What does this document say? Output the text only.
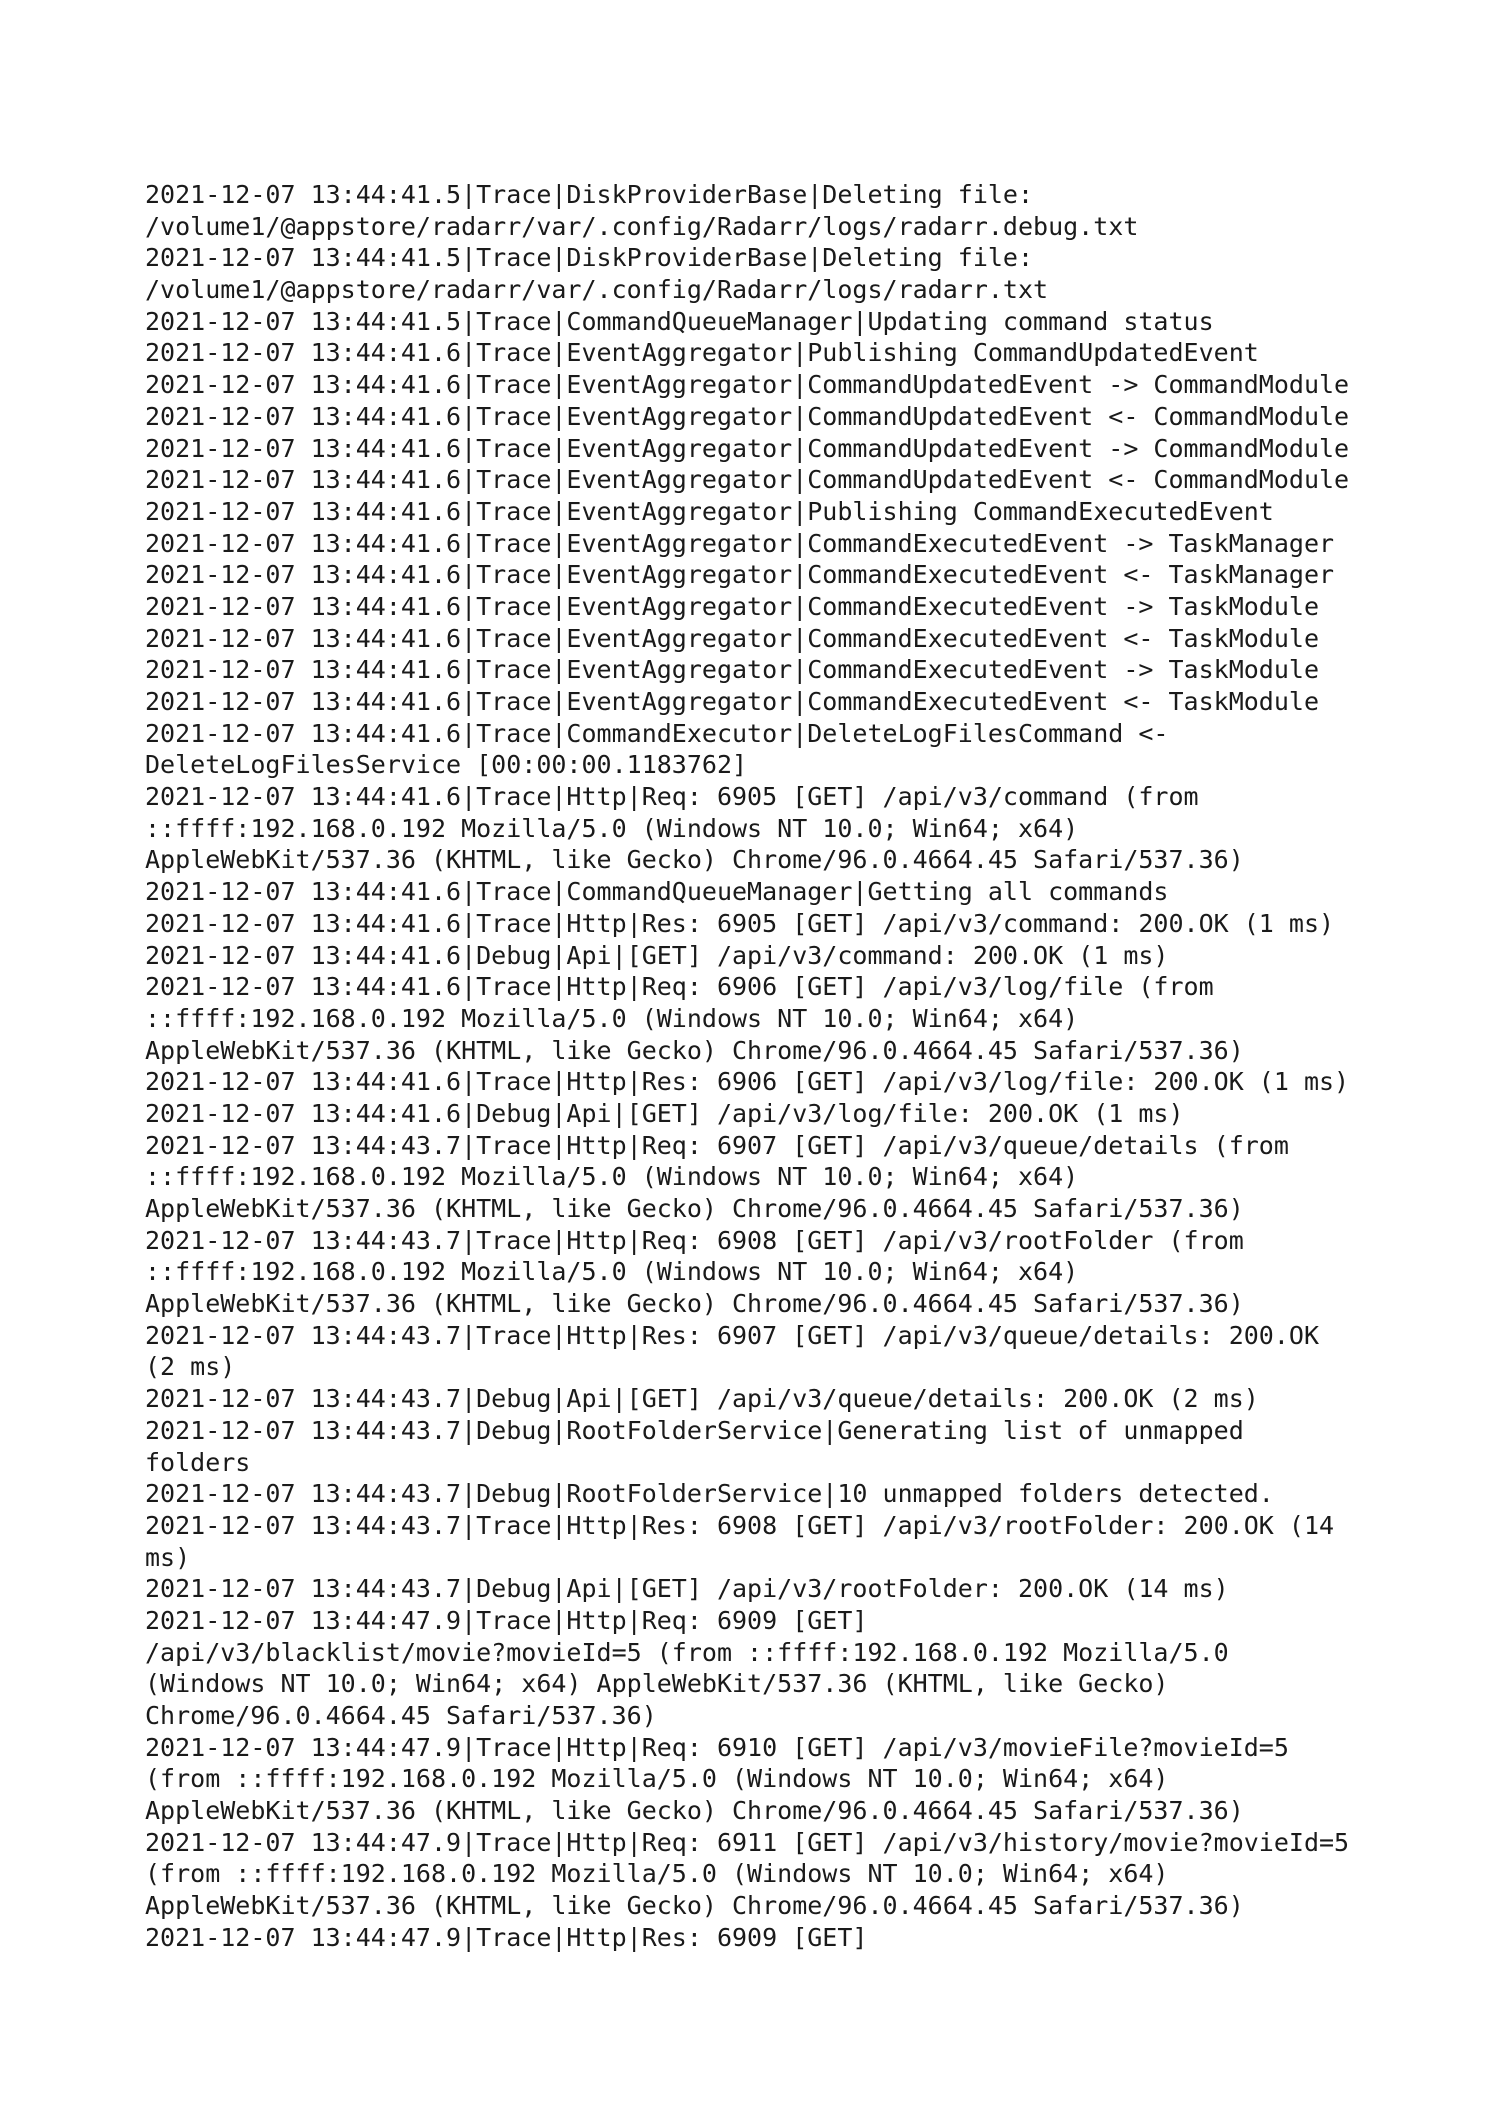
2021-12-07 13:44:41.5|Trace|DiskProviderBase|Deleting file:
/volume1/@appstore/radarr/var/.config/Radarr/logs/radarr.debug.txt
2021-12-07 13:44:41.5|Trace|DiskProviderBase|Deleting file:
/volume1/@appstore/radarr/var/.config/Radarr/logs/radarr.txt
2021-12-07 13:44:41.5|Trace|CommandQueueManager|Updating command status
2021-12-07 13:44:41.6|Trace|EventAggregator|Publishing CommandUpdatedEvent
2021-12-07 13:44:41.6|Trace|EventAggregator|CommandUpdatedEvent -> CommandModule
2021-12-07 13:44:41.6|Trace|EventAggregator|CommandUpdatedEvent <- CommandModule
2021-12-07 13:44:41.6|Trace|EventAggregator|CommandUpdatedEvent -> CommandModule
2021-12-07 13:44:41.6|Trace|EventAggregator|CommandUpdatedEvent <- CommandModule
2021-12-07 13:44:41.6|Trace|EventAggregator|Publishing CommandExecutedEvent
2021-12-07 13:44:41.6|Trace|EventAggregator|CommandExecutedEvent -> TaskManager
2021-12-07 13:44:41.6|Trace|EventAggregator|CommandExecutedEvent <- TaskManager
2021-12-07 13:44:41.6|Trace|EventAggregator|CommandExecutedEvent -> TaskModule
2021-12-07 13:44:41.6|Trace|EventAggregator|CommandExecutedEvent <- TaskModule
2021-12-07 13:44:41.6|Trace|EventAggregator|CommandExecutedEvent -> TaskModule
2021-12-07 13:44:41.6|Trace|EventAggregator|CommandExecutedEvent <- TaskModule
2021-12-07 13:44:41.6|Trace|CommandExecutor|DeleteLogFilesCommand <-
DeleteLogFilesService [00:00:00.1183762]
2021-12-07 13:44:41.6|Trace|Http|Req: 6905 [GET] /api/v3/command (from
::ffff:192.168.0.192 Mozilla/5.0 (Windows NT 10.0; Win64; x64)
AppleWebKit/537.36 (KHTML, like Gecko) Chrome/96.0.4664.45 Safari/537.36)
2021-12-07 13:44:41.6|Trace|CommandQueueManager|Getting all commands
2021-12-07 13:44:41.6|Trace|Http|Res: 6905 [GET] /api/v3/command: 200.OK (1 ms)
2021-12-07 13:44:41.6|Debug|Api|[GET] /api/v3/command: 200.OK (1 ms)
2021-12-07 13:44:41.6|Trace|Http|Req: 6906 [GET] /api/v3/log/file (from
::ffff:192.168.0.192 Mozilla/5.0 (Windows NT 10.0; Win64; x64)
AppleWebKit/537.36 (KHTML, like Gecko) Chrome/96.0.4664.45 Safari/537.36)
2021-12-07 13:44:41.6|Trace|Http|Res: 6906 [GET] /api/v3/log/file: 200.OK (1 ms)
2021-12-07 13:44:41.6|Debug|Api|[GET] /api/v3/log/file: 200.OK (1 ms)
2021-12-07 13:44:43.7|Trace|Http|Req: 6907 [GET] /api/v3/queue/details (from
::ffff:192.168.0.192 Mozilla/5.0 (Windows NT 10.0; Win64; x64)
AppleWebKit/537.36 (KHTML, like Gecko) Chrome/96.0.4664.45 Safari/537.36)
2021-12-07 13:44:43.7|Trace|Http|Req: 6908 [GET] /api/v3/rootFolder (from
::ffff:192.168.0.192 Mozilla/5.0 (Windows NT 10.0; Win64; x64)
AppleWebKit/537.36 (KHTML, like Gecko) Chrome/96.0.4664.45 Safari/537.36)
2021-12-07 13:44:43.7|Trace|Http|Res: 6907 [GET] /api/v3/queue/details: 200.OK
(2 ms)
2021-12-07 13:44:43.7|Debug|Api|[GET] /api/v3/queue/details: 200.OK (2 ms)
2021-12-07 13:44:43.7|Debug|RootFolderService|Generating list of unmapped
folders
2021-12-07 13:44:43.7|Debug|RootFolderService|10 unmapped folders detected.
2021-12-07 13:44:43.7|Trace|Http|Res: 6908 [GET] /api/v3/rootFolder: 200.OK (14
ms)
2021-12-07 13:44:43.7|Debug|Api|[GET] /api/v3/rootFolder: 200.OK (14 ms)
2021-12-07 13:44:47.9|Trace|Http|Req: 6909 [GET]
/api/v3/blacklist/movie?movieId=5 (from ::ffff:192.168.0.192 Mozilla/5.0
(Windows NT 10.0; Win64; x64) AppleWebKit/537.36 (KHTML, like Gecko)
Chrome/96.0.4664.45 Safari/537.36)
2021-12-07 13:44:47.9|Trace|Http|Req: 6910 [GET] /api/v3/movieFile?movieId=5
(from ::ffff:192.168.0.192 Mozilla/5.0 (Windows NT 10.0; Win64; x64)
AppleWebKit/537.36 (KHTML, like Gecko) Chrome/96.0.4664.45 Safari/537.36)
2021-12-07 13:44:47.9|Trace|Http|Req: 6911 [GET] /api/v3/history/movie?movieId=5
(from ::ffff:192.168.0.192 Mozilla/5.0 (Windows NT 10.0; Win64; x64)
AppleWebKit/537.36 (KHTML, like Gecko) Chrome/96.0.4664.45 Safari/537.36)
2021-12-07 13:44:47.9|Trace|Http|Res: 6909 [GET]
